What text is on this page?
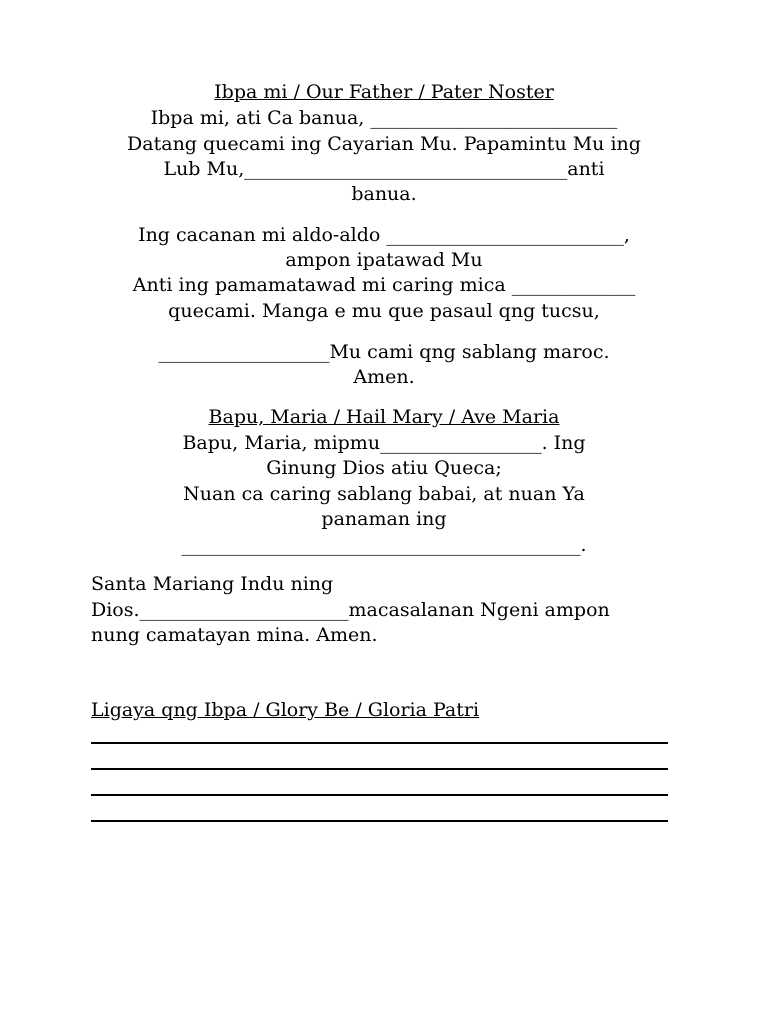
Ibpa mi / Our Father / Pater Noster
Ibpa mi, ati Ca banua, __________________________
Datang quecami ing Cayarian Mu. Papamintu Mu ing
Lub Mu,__________________________________anti
banua.
Ing cacanan mi aldo-aldo _________________________,
ampon ipatawad Mu
Anti ing pamamatawad mi caring mica _____________
quecami. Manga e mu que pasaul qng tucsu,
__________________Mu cami qng sablang maroc.
Amen.
Bapu, Maria / Hail Mary / Ave Maria
Bapu, Maria, mipmu_________________. Ing
Ginung Dios atiu Queca;
Nuan ca caring sablang babai, at nuan Ya
panaman ing
__________________________________________.
Santa Mariang Indu ning
Dios.______________________macasalanan Ngeni ampon
nung camatayan mina. Amen.
Ligaya qng Ibpa / Glory Be / Gloria Patri
